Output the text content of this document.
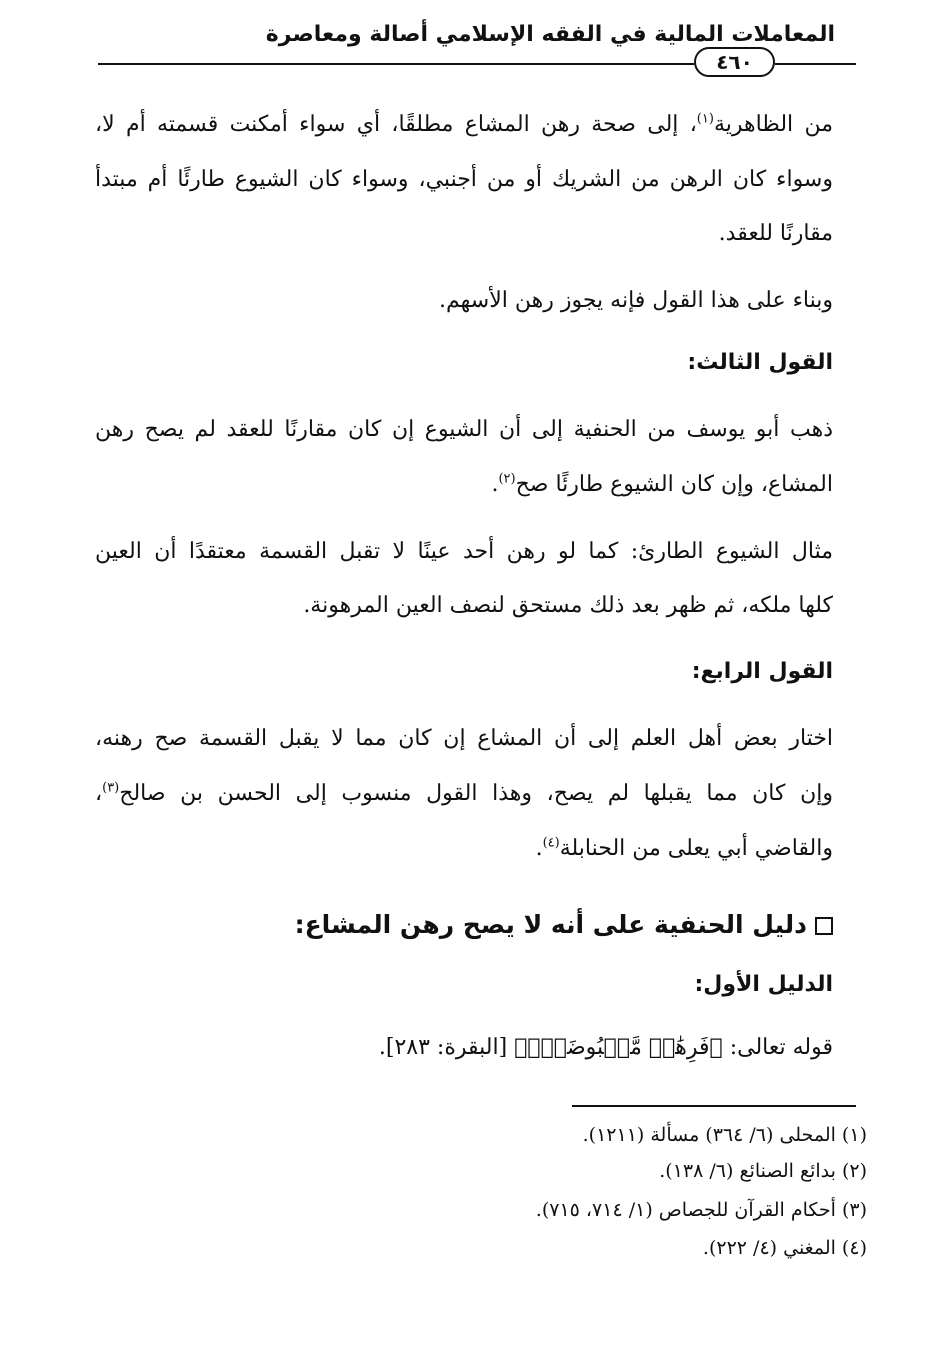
المعاملات المالية في الفقه الإسلامي أصالة ومعاصرة
٤٦٠
من الظاهرية$^{(١)}$، إلى صحة رهن المشاع مطلقًا، أي سواء أمكنت قسمته أم لا،
وسواء كان الرهن من الشريك أو من أجنبي، وسواء كان الشيوع طارئًا أم مبتدأ
مقارنًا للعقد.
وبناء على هذا القول فإنه يجوز رهن الأسهم.
القول الثالث:
ذهب أبو يوسف من الحنفية إلى أن الشيوع إن كان مقارنًا للعقد لم يصح رهن
المشاع، وإن كان الشيوع طارئًا صح$^{(٢)}$.
مثال الشيوع الطارئ: كما لو رهن أحد عينًا لا تقبل القسمة معتقدًا أن العين
كلها ملكه، ثم ظهر بعد ذلك مستحق لنصف العين المرهونة.
القول الرابع:
اختار بعض أهل العلم إلى أن المشاع إن كان مما لا يقبل القسمة صح رهنه،
وإن كان مما يقبلها لم يصح، وهذا القول منسوب إلى الحسن بن صالح$^{(٣)}$،
والقاضي أبي يعلى من الحنابلة$^{(٤)}$.
دليل الحنفية على أنه لا يصح رهن المشاع:
الدليل الأول:
قوله تعالى: ﴿فَرِهَٰنٞ مَّقۡبُوضَةٞۖ﴾ [البقرة: ٢٨٣].
(١) المحلى (٦/ ٣٦٤) مسألة (١٢١١).
(٢) بدائع الصنائع (٦/ ١٣٨).
(٣) أحكام القرآن للجصاص (١/ ٧١٤، ٧١٥).
(٤) المغني (٤/ ٢٢٢).
